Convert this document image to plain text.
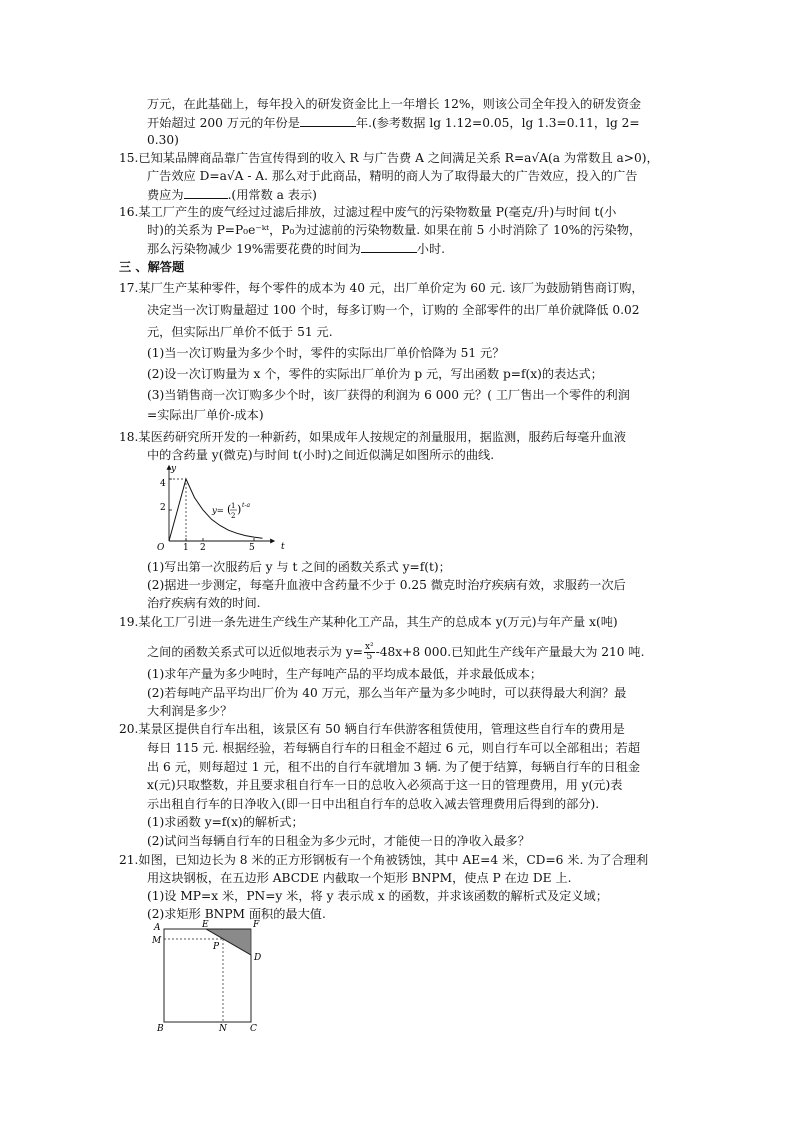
万元，在此基础上，每年投入的研发资金比上一年增长 12%，则该公司全年投入的研发资金
开始超过 200 万元的年份是	年.(参考数据 lg 1.12=0.05，lg 1.3=0.11，lg 2=
0.30)
15.已知某品牌商品靠广告宣传得到的收入 R 与广告费 A 之间满足关系 R=a√A(a 为常数且 a>0)，
广告效应 D=a√A - A. 那么对于此商品，精明的商人为了取得最大的广告效应，投入的广告
费应为	.(用常数 a 表示)
16.某工厂产生的废气经过过滤后排放，过滤过程中废气的污染物数量 P(毫克/升)与时间 t(小
时)的关系为 P=P₀e⁻ᵏᵗ，P₀为过滤前的污染物数量. 如果在前 5 小时消除了 10%的污染物，
那么污染物减少 19%需要花费的时间为	小时.
三 、解答题
17.某厂生产某种零件，每个零件的成本为 40 元，出厂单价定为 60 元. 该厂为鼓励销售商订购，
决定当一次订购量超过 100 个时，每多订购一个，订购的 全部零件的出厂单价就降低 0.02
元，但实际出厂单价不低于 51 元.
(1)当一次订购量为多少个时，零件的实际出厂单价恰降为 51 元？
(2)设一次订购量为 x 个，零件的实际出厂单价为 p 元，写出函数 p=f(x)的表达式；
(3)当销售商一次订购多少个时，该厂获得的利润为 6 000 元？( 工厂售出一个零件的利润
=实际出厂单价-成本)
18.某医药研究所开发的一种新药，如果成年人按规定的剂量服用，据监测，服药后每毫升血液
中的含药量 y(微克)与时间 t(小时)之间近似满足如图所示的曲线.
y
t
O
4
2
1 2	5
y= ( 1
2 ) t-a
(1)写出第一次服药后 y 与 t 之间的函数关系式 y=f(t)；
(2)据进一步测定，每毫升血液中含药量不少于 0.25 微克时治疗疾病有效，求服药一次后
治疗疾病有效的时间.
19.某化工厂引进一条先进生产线生产某种化工产品，其生产的总成本 y(万元)与年产量 x(吨)
之间的函数关系式可以近似地表示为 $y= \frac{\text{x²}}{5} -48x+8$ 000.已知此生产线年产量最大为 210 吨.
(1)求年产量为多少吨时，生产每吨产品的平均成本最低，并求最低成本；
(2)若每吨产品平均出厂价为 40 万元，那么当年产量为多少吨时，可以获得最大利润？最
大利润是多少？
20.某景区提供自行车出租，该景区有 50 辆自行车供游客租赁使用，管理这些自行车的费用是
每日 115 元. 根据经验，若每辆自行车的日租金不超过 6 元，则自行车可以全部租出；若超
出 6 元，则每超过 1 元，租不出的自行车就增加 3 辆. 为了便于结算，每辆自行车的日租金
x(元)只取整数，并且要求租自行车一日的总收入必须高于这一日的管理费用，用 y(元)表
示出租自行车的日净收入(即一日中出租自行车的总收入减去管理费用后得到的部分).
(1)求函数 y=f(x)的解析式；
(2)试问当每辆自行车的日租金为多少元时，才能使一日的净收入最多？
21.如图，已知边长为 8 米的正方形钢板有一个角被锈蚀，其中 AE=4 米，CD=6 米. 为了合理利
用这块钢板，在五边形 ABCDE 内截取一个矩形 BNPM，使点 P 在边 DE 上.
(1)设 MP=x 米，PN=y 米，将 y 表示成 x 的函数，并求该函数的解析式及定义域；
(2)求矩形 BNPM 面积的最大值.
A	E	F
M
P
D
B	N	C
